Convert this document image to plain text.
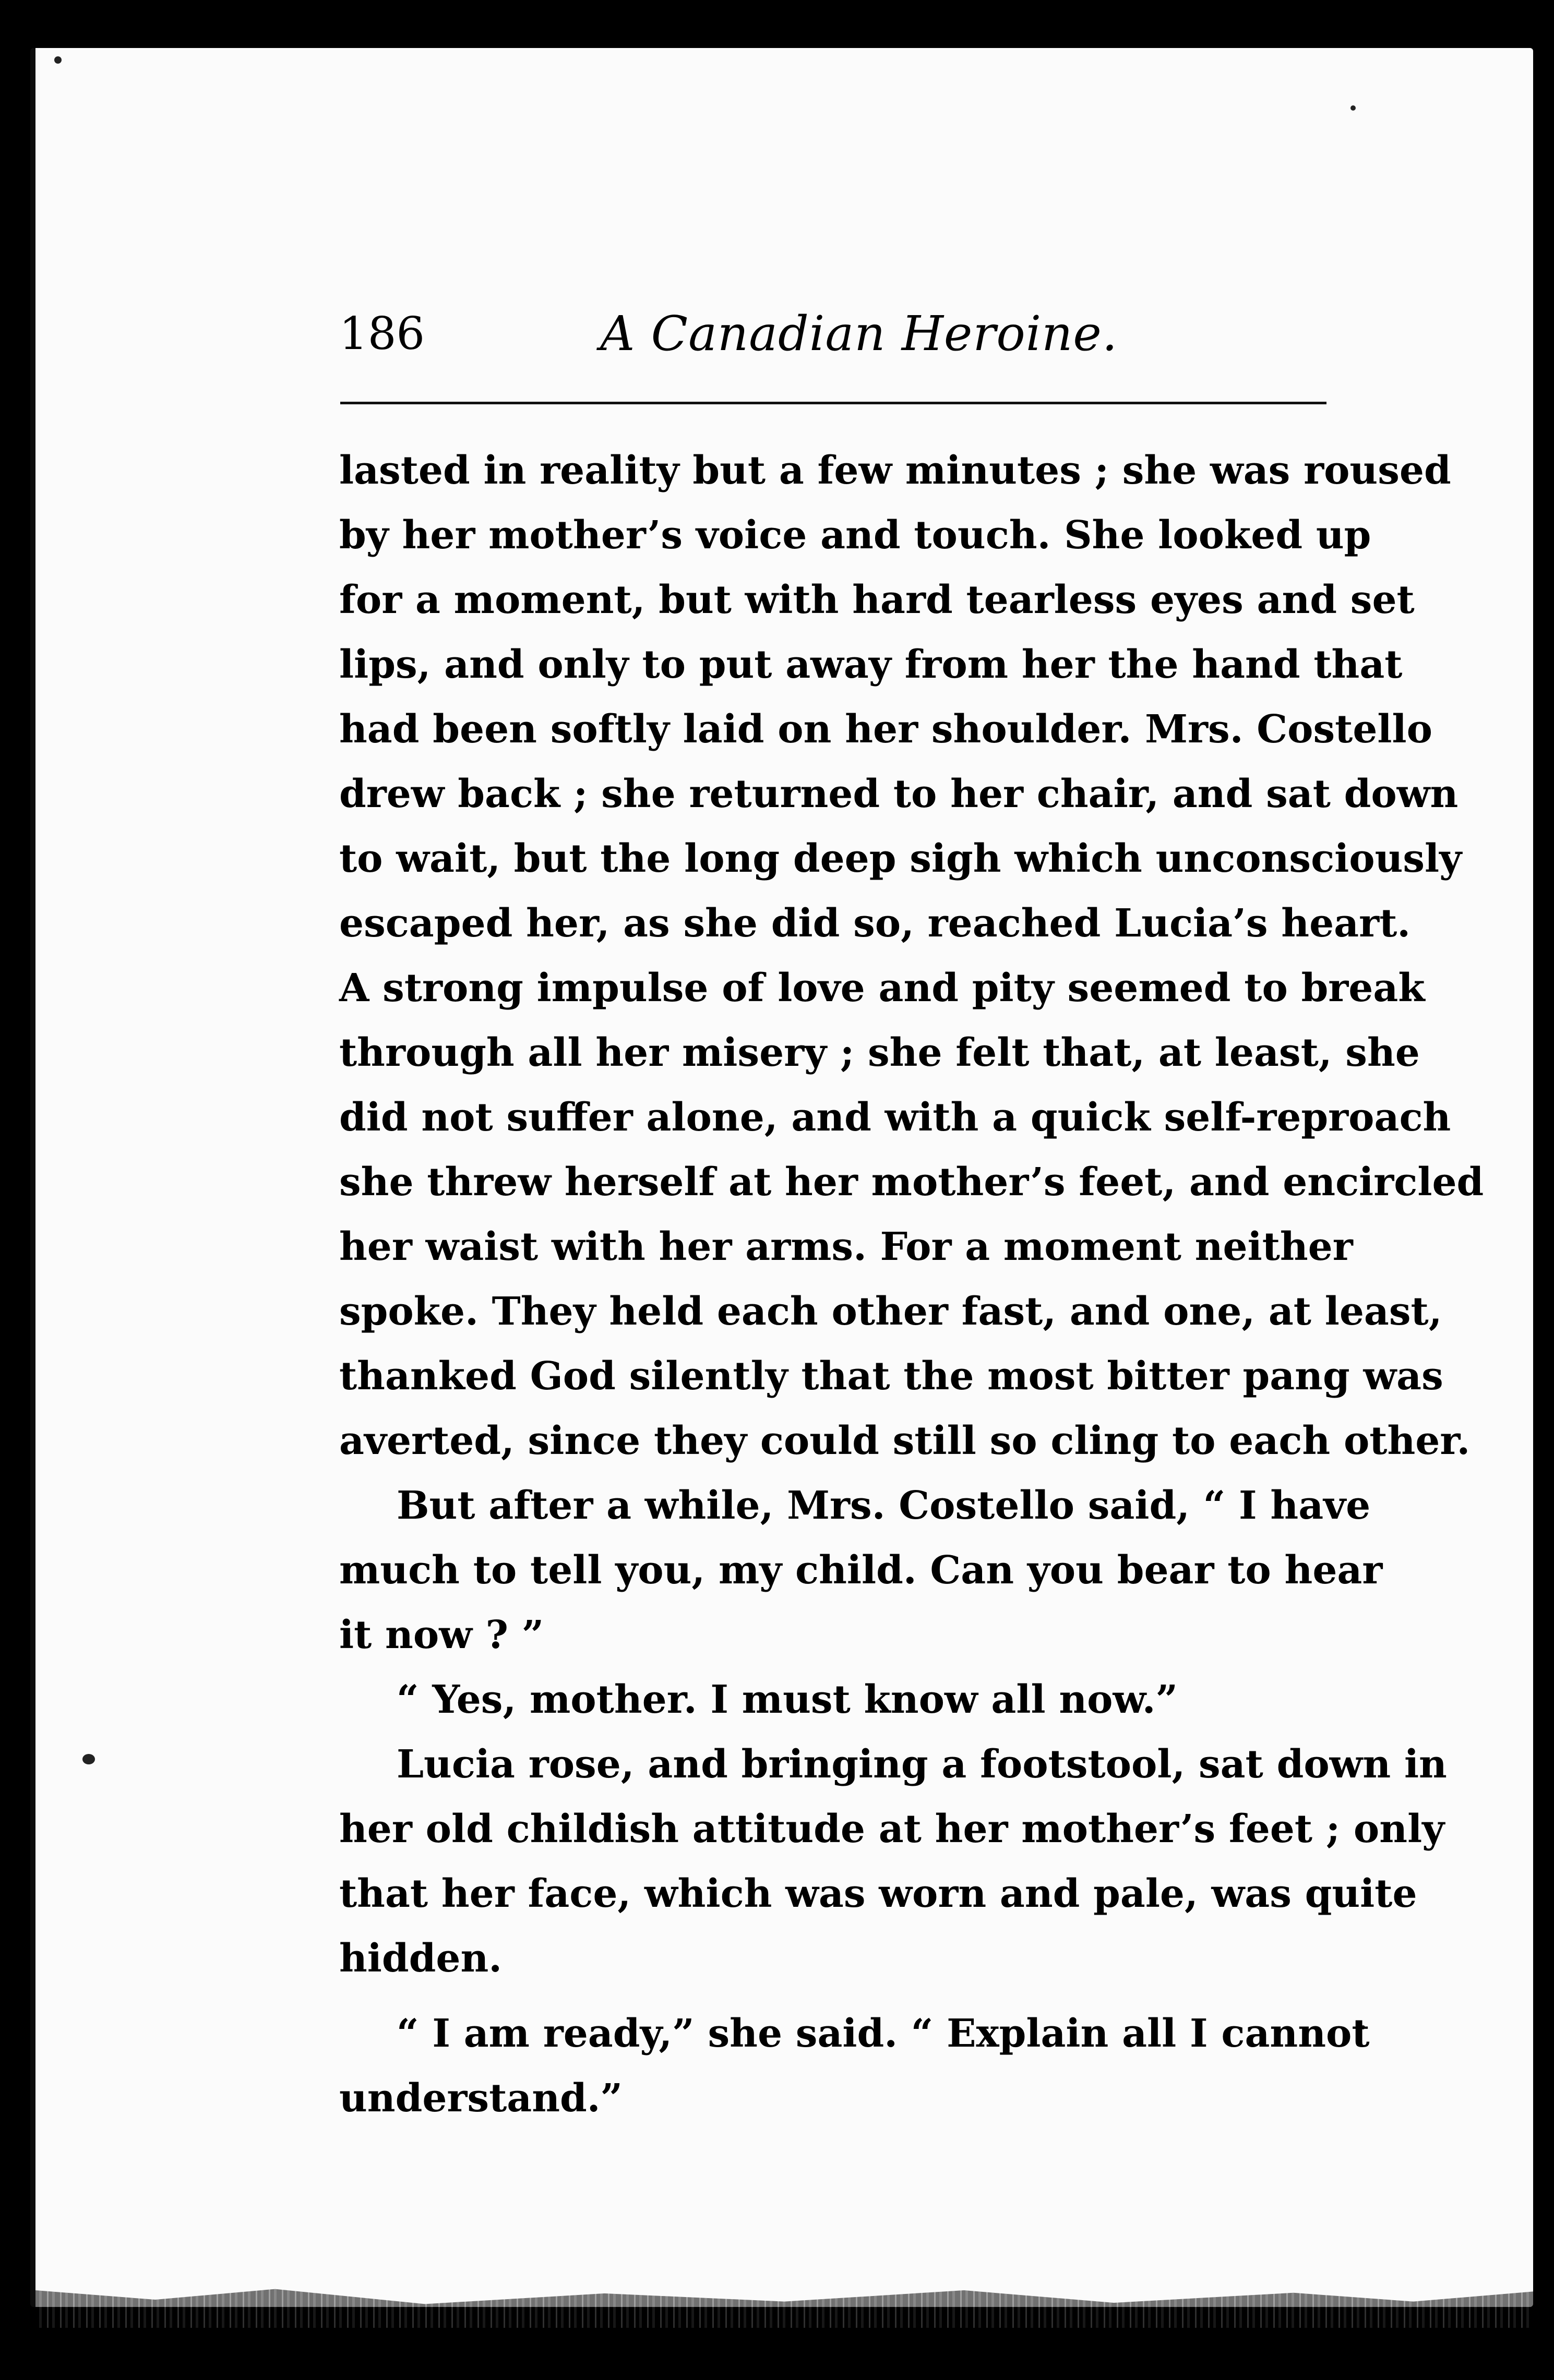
186	A Canadian Heroine.
lasted in reality but a few minutes ; she was roused
by her mother’s voice and touch. She looked up
for a moment, but with hard tearless eyes and set
lips, and only to put away from her the hand that
had been softly laid on her shoulder. Mrs. Costello
drew back ; she returned to her chair, and sat down
to wait, but the long deep sigh which unconsciously
escaped her, as she did so, reached Lucia’s heart.
A strong impulse of love and pity seemed to break
through all her misery ; she felt that, at least, she
did not suffer alone, and with a quick self-reproach
she threw herself at her mother’s feet, and encircled
her waist with her arms. For a moment neither
spoke. They held each other fast, and one, at least,
thanked God silently that the most bitter pang was
averted, since they could still so cling to each other.
But after a while, Mrs. Costello said, “ I have
much to tell you, my child. Can you bear to hear
it now ? ”
“ Yes, mother. I must know all now.”
Lucia rose, and bringing a footstool, sat down in
her old childish attitude at her mother’s feet ; only
that her face, which was worn and pale, was quite
hidden.
“ I am ready,” she said. “ Explain all I cannot
understand.”
